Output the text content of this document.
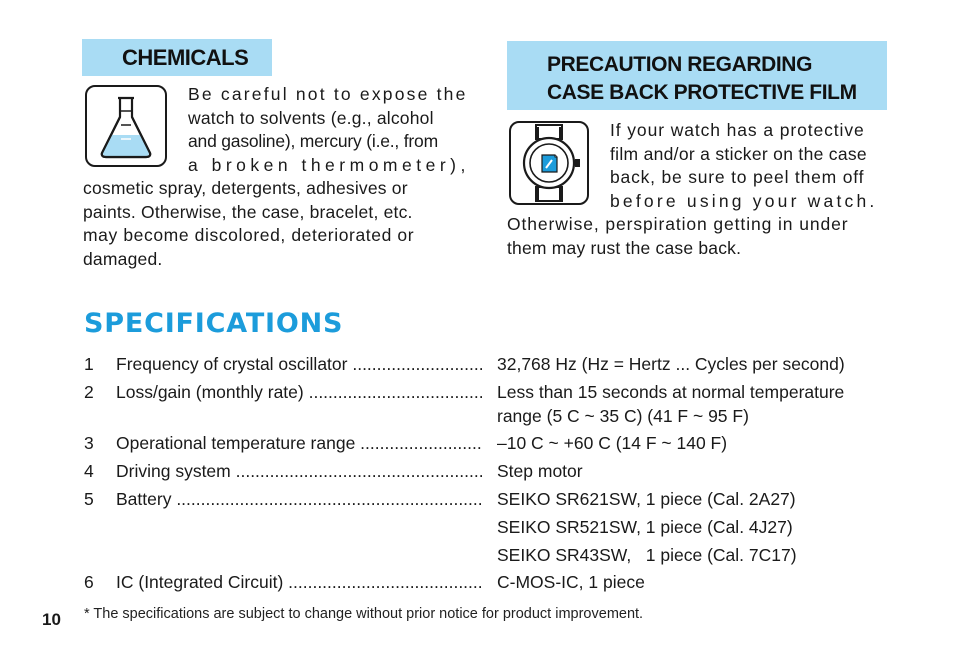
CHEMICALS
Be careful not to expose the
watch to solvents (e.g., alcohol
and gasoline), mercury (i.e., from
a broken thermometer),
cosmetic spray, detergents, adhesives or
paints. Otherwise, the case, bracelet, etc.
may become discolored, deteriorated or
damaged.
PRECAUTION REGARDING
CASE BACK PROTECTIVE FILM
If your watch has a protective
film and/or a sticker on the case
back, be sure to peel them off
before using your watch.
Otherwise, perspiration getting in under
them may rust the case back.
SPECIFICATIONS
1 Frequency of crystal oscillator .....	32,768 Hz (Hz = Hertz ... Cycles per second)
2 Loss/gain (monthly rate) .....	Less than 15 seconds at normal temperature
range (5 C ~ 35 C) (41 F ~ 95 F)
3 Operational temperature range .....	–10 C ~ +60 C (14 F ~ 140 F)
4 Driving system .....	Step motor
5 Battery .....	SEIKO SR621SW, 1 piece (Cal. 2A27)
SEIKO SR521SW, 1 piece (Cal. 4J27)
SEIKO SR43SW,   1 piece (Cal. 7C17)
6 IC (Integrated Circuit) .....	C-MOS-IC, 1 piece
* The specifications are subject to change without prior notice for product improvement.
10
